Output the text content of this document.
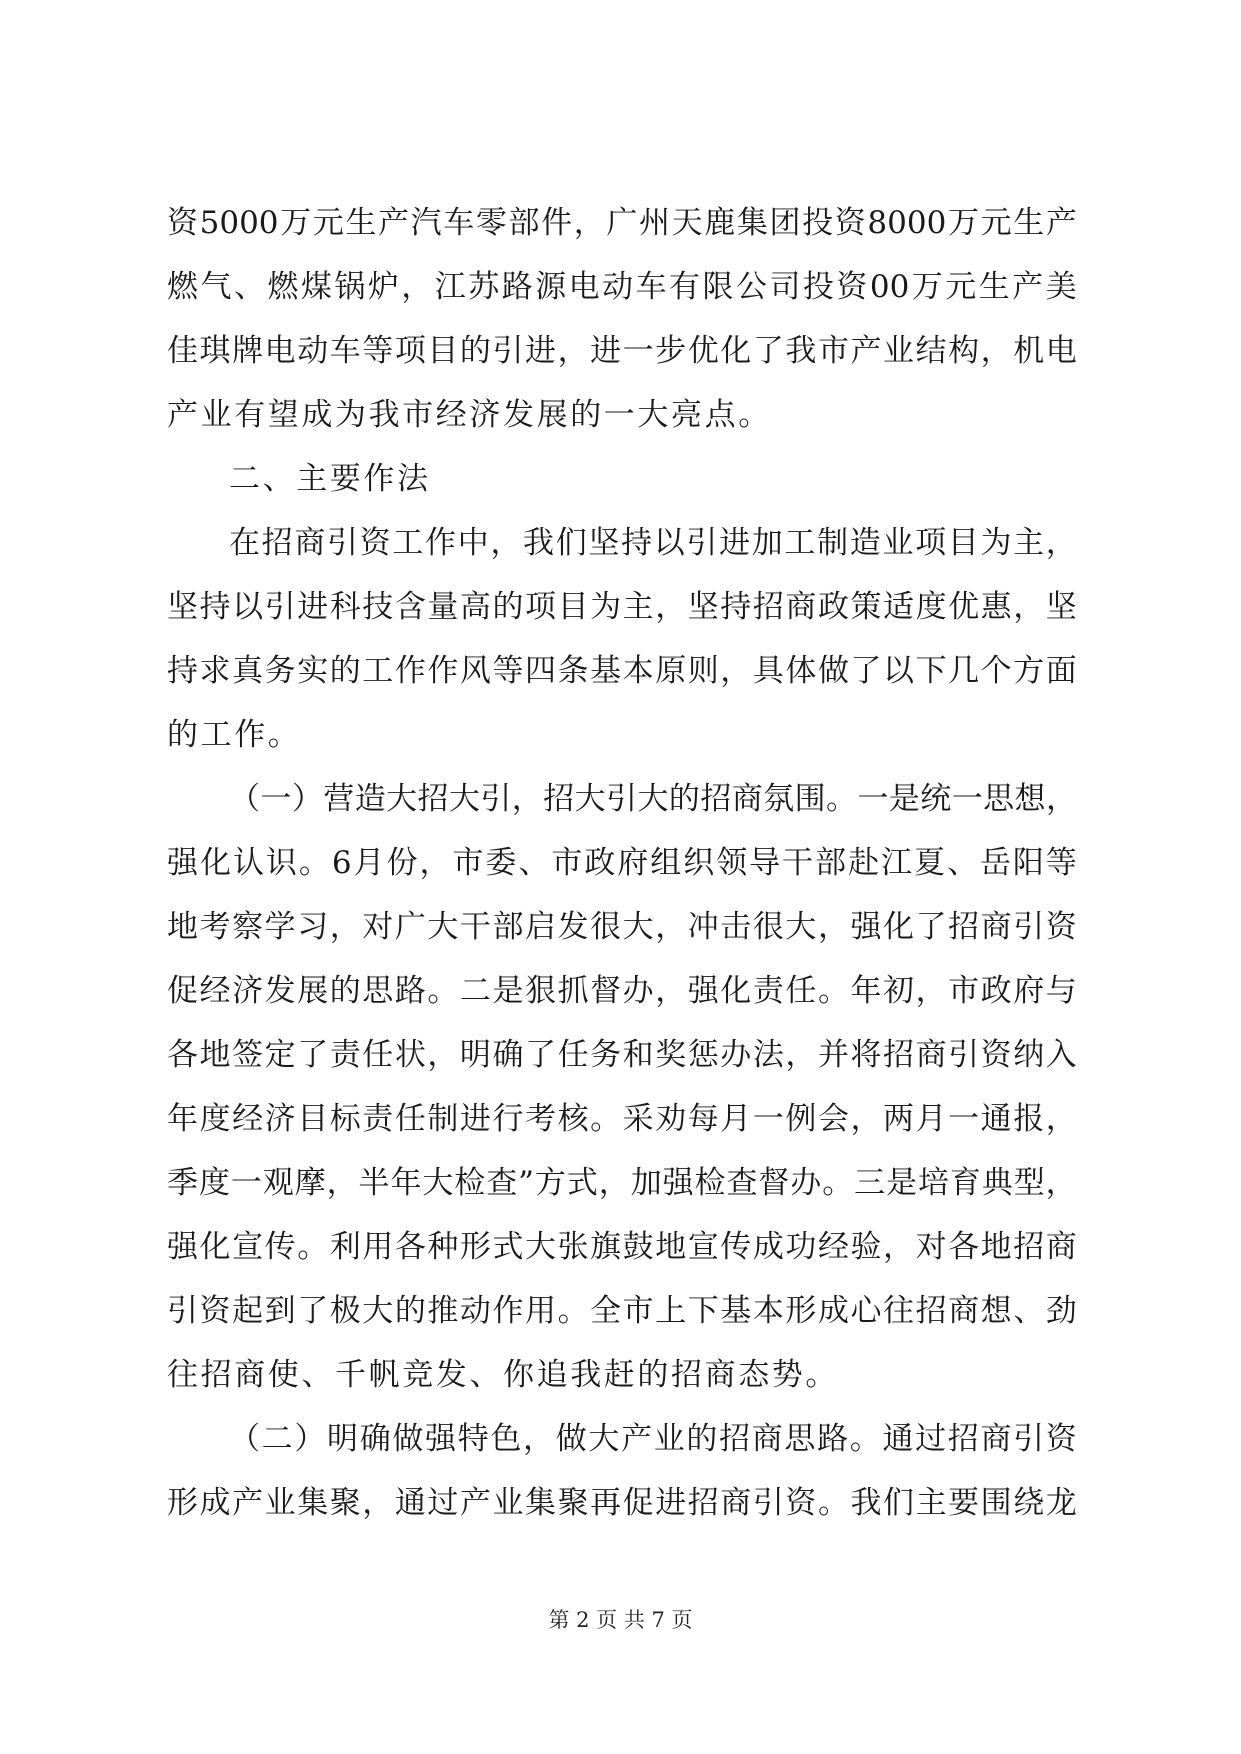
资 5000 万 元 生 产 汽 车 零 部 件 ， 广 州 天 鹿 集 团 投 资 8000 万 元 生 产
燃 气 、 燃 煤 锅 炉 ， 江 苏 路 源 电 动 车 有 限 公 司 投 资 00 万 元 生 产 美
佳 琪 牌 电 动 车 等 项 目 的 引 进 ， 进 一 步 优 化 了 我 市 产 业 结 构 ， 机 电
产业有望成为我市经济发展的一大亮点。
二、主要作法
在 招 商 引 资 工 作 中 ， 我 们 坚 持 以 引 进 加 工 制 造 业 项 目 为 主 ，
坚 持 以 引 进 科 技 含 量 高 的 项 目 为 主 ， 坚 持 招 商 政 策 适 度 优 惠 ， 坚
持 求 真 务 实 的 工 作 作 风 等 四 条 基 本 原 则 ， 具 体 做 了 以 下 几 个 方 面
的工作。
（ 一 ） 营 造 大 招 大 引 ， 招 大 引 大 的 招 商 氛 围 。 一 是 统 一 思 想 ，
强 化 认 识 。 6 月 份 ， 市 委 、 市 政 府 组 织 领 导 干 部 赴 江 夏 、 岳 阳 等
地 考 察 学 习 ， 对 广 大 干 部 启 发 很 大 ， 冲 击 很 大 ， 强 化 了 招 商 引 资
促 经 济 发 展 的 思 路 。 二 是 狠 抓 督 办 ， 强 化 责 任 。 年 初 ， 市 政 府 与
各 地 签 定 了 责 任 状 ， 明 确 了 任 务 和 奖 惩 办 法 ， 并 将 招 商 引 资 纳 入
年 度 经 济 目 标 责 任 制 进 行 考 核 。 采 劝 每 月 一 例 会 ， 两 月 一 通 报 ，
季 度 一 观 摩 ， 半 年 大 检 查 ” 方 式 ， 加 强 检 查 督 办 。 三 是 培 育 典 型 ，
强 化 宣 传 。 利 用 各 种 形 式 大 张 旗 鼓 地 宣 传 成 功 经 验 ， 对 各 地 招 商
引 资 起 到 了 极 大 的 推 动 作 用 。 全 市 上 下 基 本 形 成 心 往 招 商 想 、 劲
往招商使、千帆竞发、你追我赶的招商态势。
（ 二 ） 明 确 做 强 特 色 ， 做 大 产 业 的 招 商 思 路 。 通 过 招 商 引 资
形 成 产 业 集 聚 ， 通 过 产 业 集 聚 再 促 进 招 商 引 资 。 我 们 主 要 围 绕 龙
第 2 页 共 7 页
